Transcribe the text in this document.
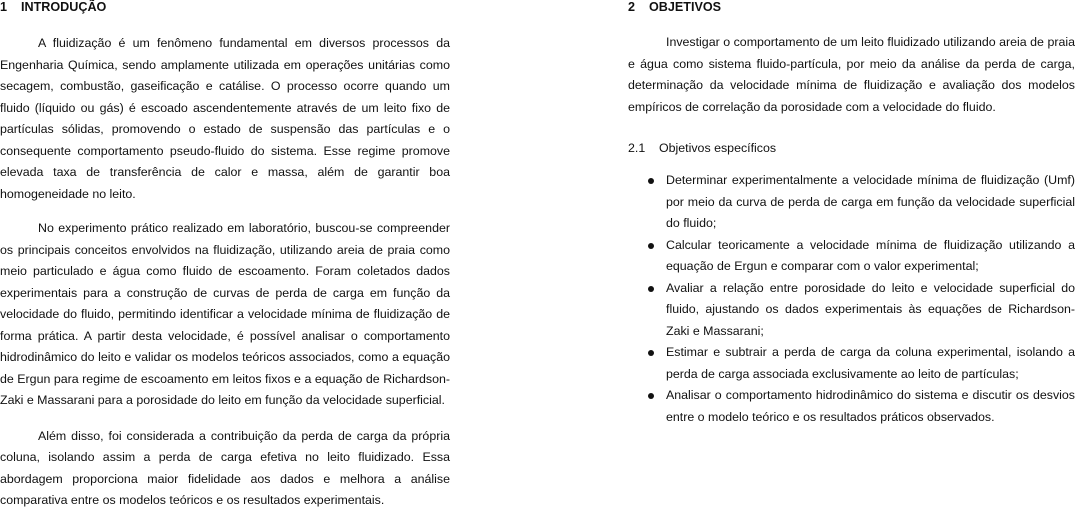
1    INTRODUÇÃO

A fluidização é um fenômeno fundamental em diversos processos da Engenharia Química, sendo amplamente utilizada em operações unitárias como secagem, combustão, gaseificação e catálise. O processo ocorre quando um fluido (líquido ou gás) é escoado ascendentemente através de um leito fixo de partículas sólidas, promovendo o estado de suspensão das partículas e o consequente comportamento pseudo-fluido do sistema. Esse regime promove elevada taxa de transferência de calor e massa, além de garantir boa homogeneidade no leito.

No experimento prático realizado em laboratório, buscou-se compreender os principais conceitos envolvidos na fluidização, utilizando areia de praia como meio particulado e água como fluido de escoamento. Foram coletados dados experimentais para a construção de curvas de perda de carga em função da velocidade do fluido, permitindo identificar a velocidade mínima de fluidização de forma prática. A partir desta velocidade, é possível analisar o comportamento hidrodinâmico do leito e validar os modelos teóricos associados, como a equação de Ergun para regime de escoamento em leitos fixos e a equação de Richardson-Zaki e Massarani para a porosidade do leito em função da velocidade superficial.

Além disso, foi considerada a contribuição da perda de carga da própria coluna, isolando assim a perda de carga efetiva no leito fluidizado. Essa abordagem proporciona maior fidelidade aos dados e melhora a análise comparativa entre os modelos teóricos e os resultados experimentais.

2    OBJETIVOS

Investigar o comportamento de um leito fluidizado utilizando areia de praia e água como sistema fluido-partícula, por meio da análise da perda de carga, determinação da velocidade mínima de fluidização e avaliação dos modelos empíricos de correlação da porosidade com a velocidade do fluido.

2.1    Objetivos específicos
Determinar experimentalmente a velocidade mínima de fluidização (Umf) por meio da curva de perda de carga em função da velocidade superficial do fluido;
Calcular teoricamente a velocidade mínima de fluidização utilizando a equação de Ergun e comparar com o valor experimental;
Avaliar a relação entre porosidade do leito e velocidade superficial do fluido, ajustando os dados experimentais às equações de Richardson-Zaki e Massarani;
Estimar e subtrair a perda de carga da coluna experimental, isolando a perda de carga associada exclusivamente ao leito de partículas;
Analisar o comportamento hidrodinâmico do sistema e discutir os desvios entre o modelo teórico e os resultados práticos observados.
